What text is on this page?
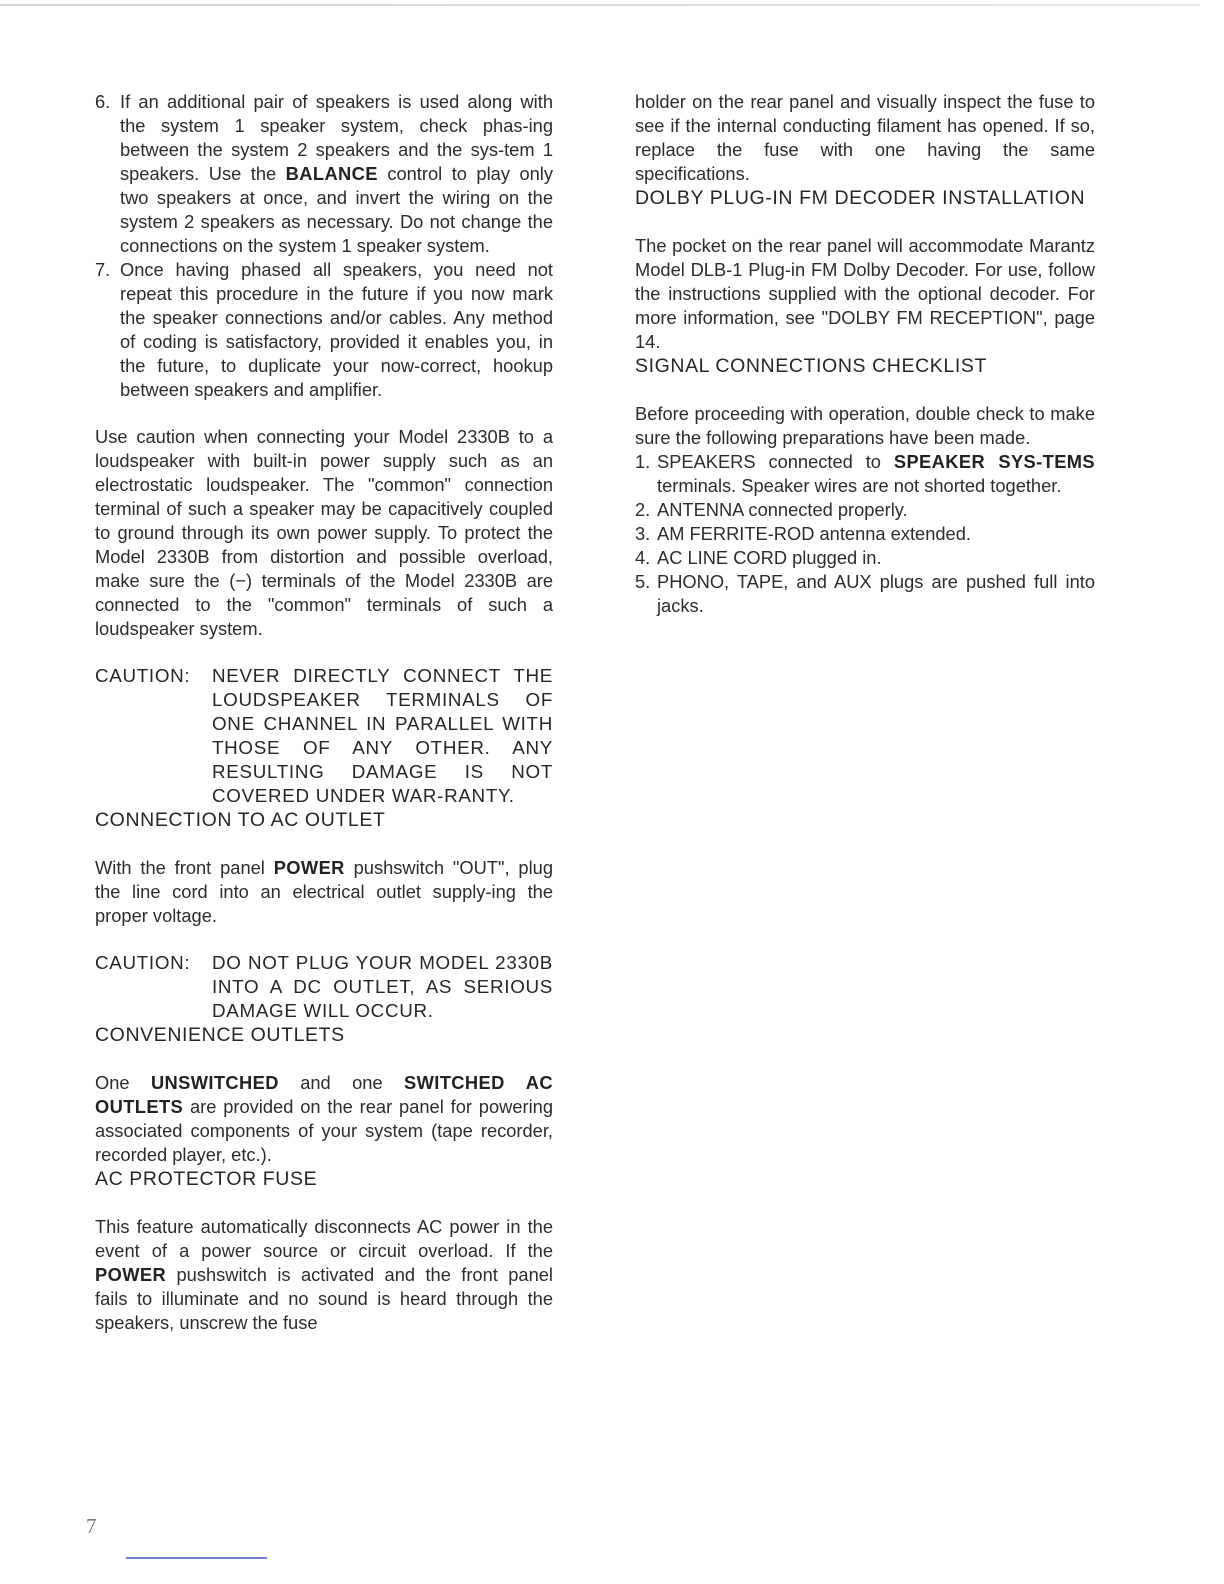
6. If an additional pair of speakers is used along with the system 1 speaker system, check phas-ing between the system 2 speakers and the sys-tem 1 speakers. Use the BALANCE control to play only two speakers at once, and invert the wiring on the system 2 speakers as necessary. Do not change the connections on the system 1 speaker system.
7. Once having phased all speakers, you need not repeat this procedure in the future if you now mark the speaker connections and/or cables. Any method of coding is satisfactory, provided it enables you, in the future, to duplicate your now-correct, hookup between speakers and amplifier.

Use caution when connecting your Model 2330B to a loudspeaker with built-in power supply such as an electrostatic loudspeaker. The "common" connection terminal of such a speaker may be capacitively coupled to ground through its own power supply. To protect the Model 2330B from distortion and possible overload, make sure the (−) terminals of the Model 2330B are connected to the "common" terminals of such a loudspeaker system.

CAUTION:	NEVER DIRECTLY CONNECT THE LOUDSPEAKER TERMINALS OF ONE CHANNEL IN PARALLEL WITH THOSE OF ANY OTHER. ANY RESULTING DAMAGE IS NOT COVERED UNDER WAR-RANTY.
CONNECTION TO AC OUTLET

With the front panel POWER pushswitch "OUT", plug the line cord into an electrical outlet supply-ing the proper voltage.

CAUTION:	DO NOT PLUG YOUR MODEL 2330B INTO A DC OUTLET, AS SERIOUS DAMAGE WILL OCCUR.
CONVENIENCE OUTLETS

One UNSWITCHED and one SWITCHED AC OUTLETS are provided on the rear panel for powering associated components of your system (tape recorder, recorded player, etc.).

AC PROTECTOR FUSE

This feature automatically disconnects AC power in the event of a power source or circuit overload. If the POWER pushswitch is activated and the front panel fails to illuminate and no sound is heard through the speakers, unscrew the fuse

holder on the rear panel and visually inspect the fuse to see if the internal conducting filament has opened. If so, replace the fuse with one having the same specifications.

DOLBY PLUG-IN FM DECODER INSTALLATION

The pocket on the rear panel will accommodate Marantz Model DLB-1 Plug-in FM Dolby Decoder. For use, follow the instructions supplied with the optional decoder. For more information, see "DOLBY FM RECEPTION", page 14.

SIGNAL CONNECTIONS CHECKLIST

Before proceeding with operation, double check to make sure the following preparations have been made.

1. SPEAKERS connected to SPEAKER SYS-TEMS terminals. Speaker wires are not shorted together.
2. ANTENNA connected properly.
3. AM FERRITE-ROD antenna extended.
4. AC LINE CORD plugged in.
5. PHONO, TAPE, and AUX plugs are pushed full into jacks.
7
